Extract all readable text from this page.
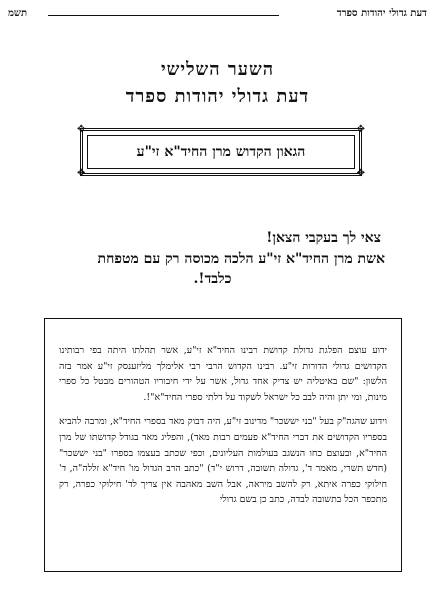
דעת גדולי יהודות ספרד
תשמ
השער השלישי
דעת גדולי יהודות ספרד
✥	✥
✥	✥
הגאון הקדוש מרן החיד"א זי"ע
צאי לך בעקבי הצאן!
אשת מרן החיד"א זי"ע הלכה מכוסה רק עם מטפחת
כלבד!.

ידוע עוצם הפלגת גדולת קדושת רבינו החיד"א זי"ע, אשר תהלתו היתה בפי רבותינו הקדושים גדולי הדורות זי"ע. רבינו הקדוש הרבי רבי אלימלך מליזענסק זי"ע אמר בזה הלשון: "שם באיטליה יש צדיק אחד גדול, אשר על ידי חיבוריו הטהורים מבטל כל ספרי מינות, ומי יתן והיה לבב כל ישראל לשקוד על דלתי ספרי החיד"א"!.

וידוע שהגה"ק בעל "בני יששכר" מדינוב זי"ע, היה דבוק מאד בספרי החיד"א, ומרבה להביא בספריו הקדושים את דברי החיד"א פעמים רבות מאד), והפליג מאד בגודל קדושתו של מרן החיד"א, ובעוצם כחו הנשגב בעולמות העליונים, וכפי שכתב בעצמו בספרו "בני יששכר" (חדש תשרי, מאמר ד', גדולה תשובה, דרוש י"ד) "כתב הרב הגדול מו' חיד"א זללה"ה, ד' חילוקי כפרה איתא, רק להשב מיראה, אבל השב מאהבה אין צריך לד' חילוקי כפרה, רק מתכפר הכל בתשובה לבדה, כתב כן בשם גדולי
